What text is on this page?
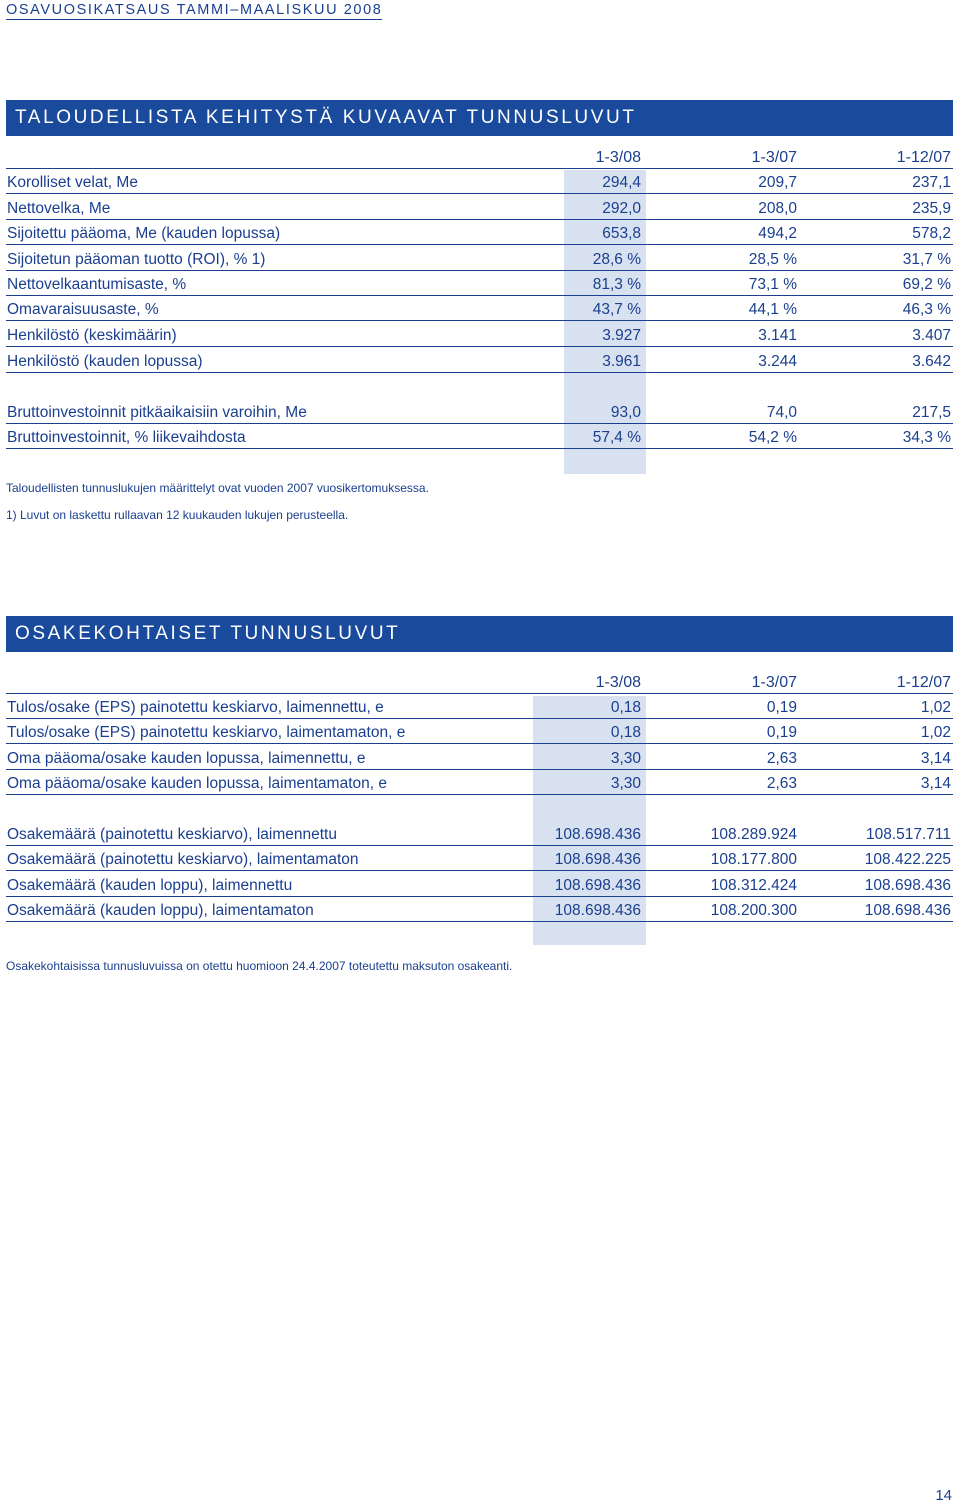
OSAVUOSIKATSAUS TAMMI–MAALISKUU 2008
TALOUDELLISTA KEHITYSTÄ KUVAAVAT TUNNUSLUVUT
1-3/08	1-3/07	1-12/07
Korolliset velat, Me	294,4	209,7	237,1
Nettovelka, Me	292,0	208,0	235,9
Sijoitettu pääoma, Me (kauden lopussa)	653,8	494,2	578,2
Sijoitetun pääoman tuotto (ROI), % 1)	28,6 %	28,5 %	31,7 %
Nettovelkaantumisaste, %	81,3 %	73,1 %	69,2 %
Omavaraisuusaste, %	43,7 %	44,1 %	46,3 %
Henkilöstö (keskimäärin)	3.927	3.141	3.407
Henkilöstö (kauden lopussa)	3.961	3.244	3.642
Bruttoinvestoinnit pitkäaikaisiin varoihin, Me	93,0	74,0	217,5
Bruttoinvestoinnit, % liikevaihdosta	57,4 %	54,2 %	34,3 %
Taloudellisten tunnuslukujen määrittelyt ovat vuoden 2007 vuosikertomuksessa.
1) Luvut on laskettu rullaavan 12 kuukauden lukujen perusteella.
OSAKEKOHTAISET TUNNUSLUVUT
1-3/08	1-3/07	1-12/07
Tulos/osake (EPS) painotettu keskiarvo, laimennettu, e	0,18	0,19	1,02
Tulos/osake (EPS) painotettu keskiarvo, laimentamaton, e	0,18	0,19	1,02
Oma pääoma/osake kauden lopussa, laimennettu, e	3,30	2,63	3,14
Oma pääoma/osake kauden lopussa, laimentamaton, e	3,30	2,63	3,14
Osakemäärä (painotettu keskiarvo), laimennettu	108.698.436	108.289.924	108.517.711
Osakemäärä (painotettu keskiarvo), laimentamaton	108.698.436	108.177.800	108.422.225
Osakemäärä (kauden loppu), laimennettu	108.698.436	108.312.424	108.698.436
Osakemäärä (kauden loppu), laimentamaton	108.698.436	108.200.300	108.698.436
Osakekohtaisissa tunnusluvuissa on otettu huomioon 24.4.2007 toteutettu maksuton osakeanti.
14
